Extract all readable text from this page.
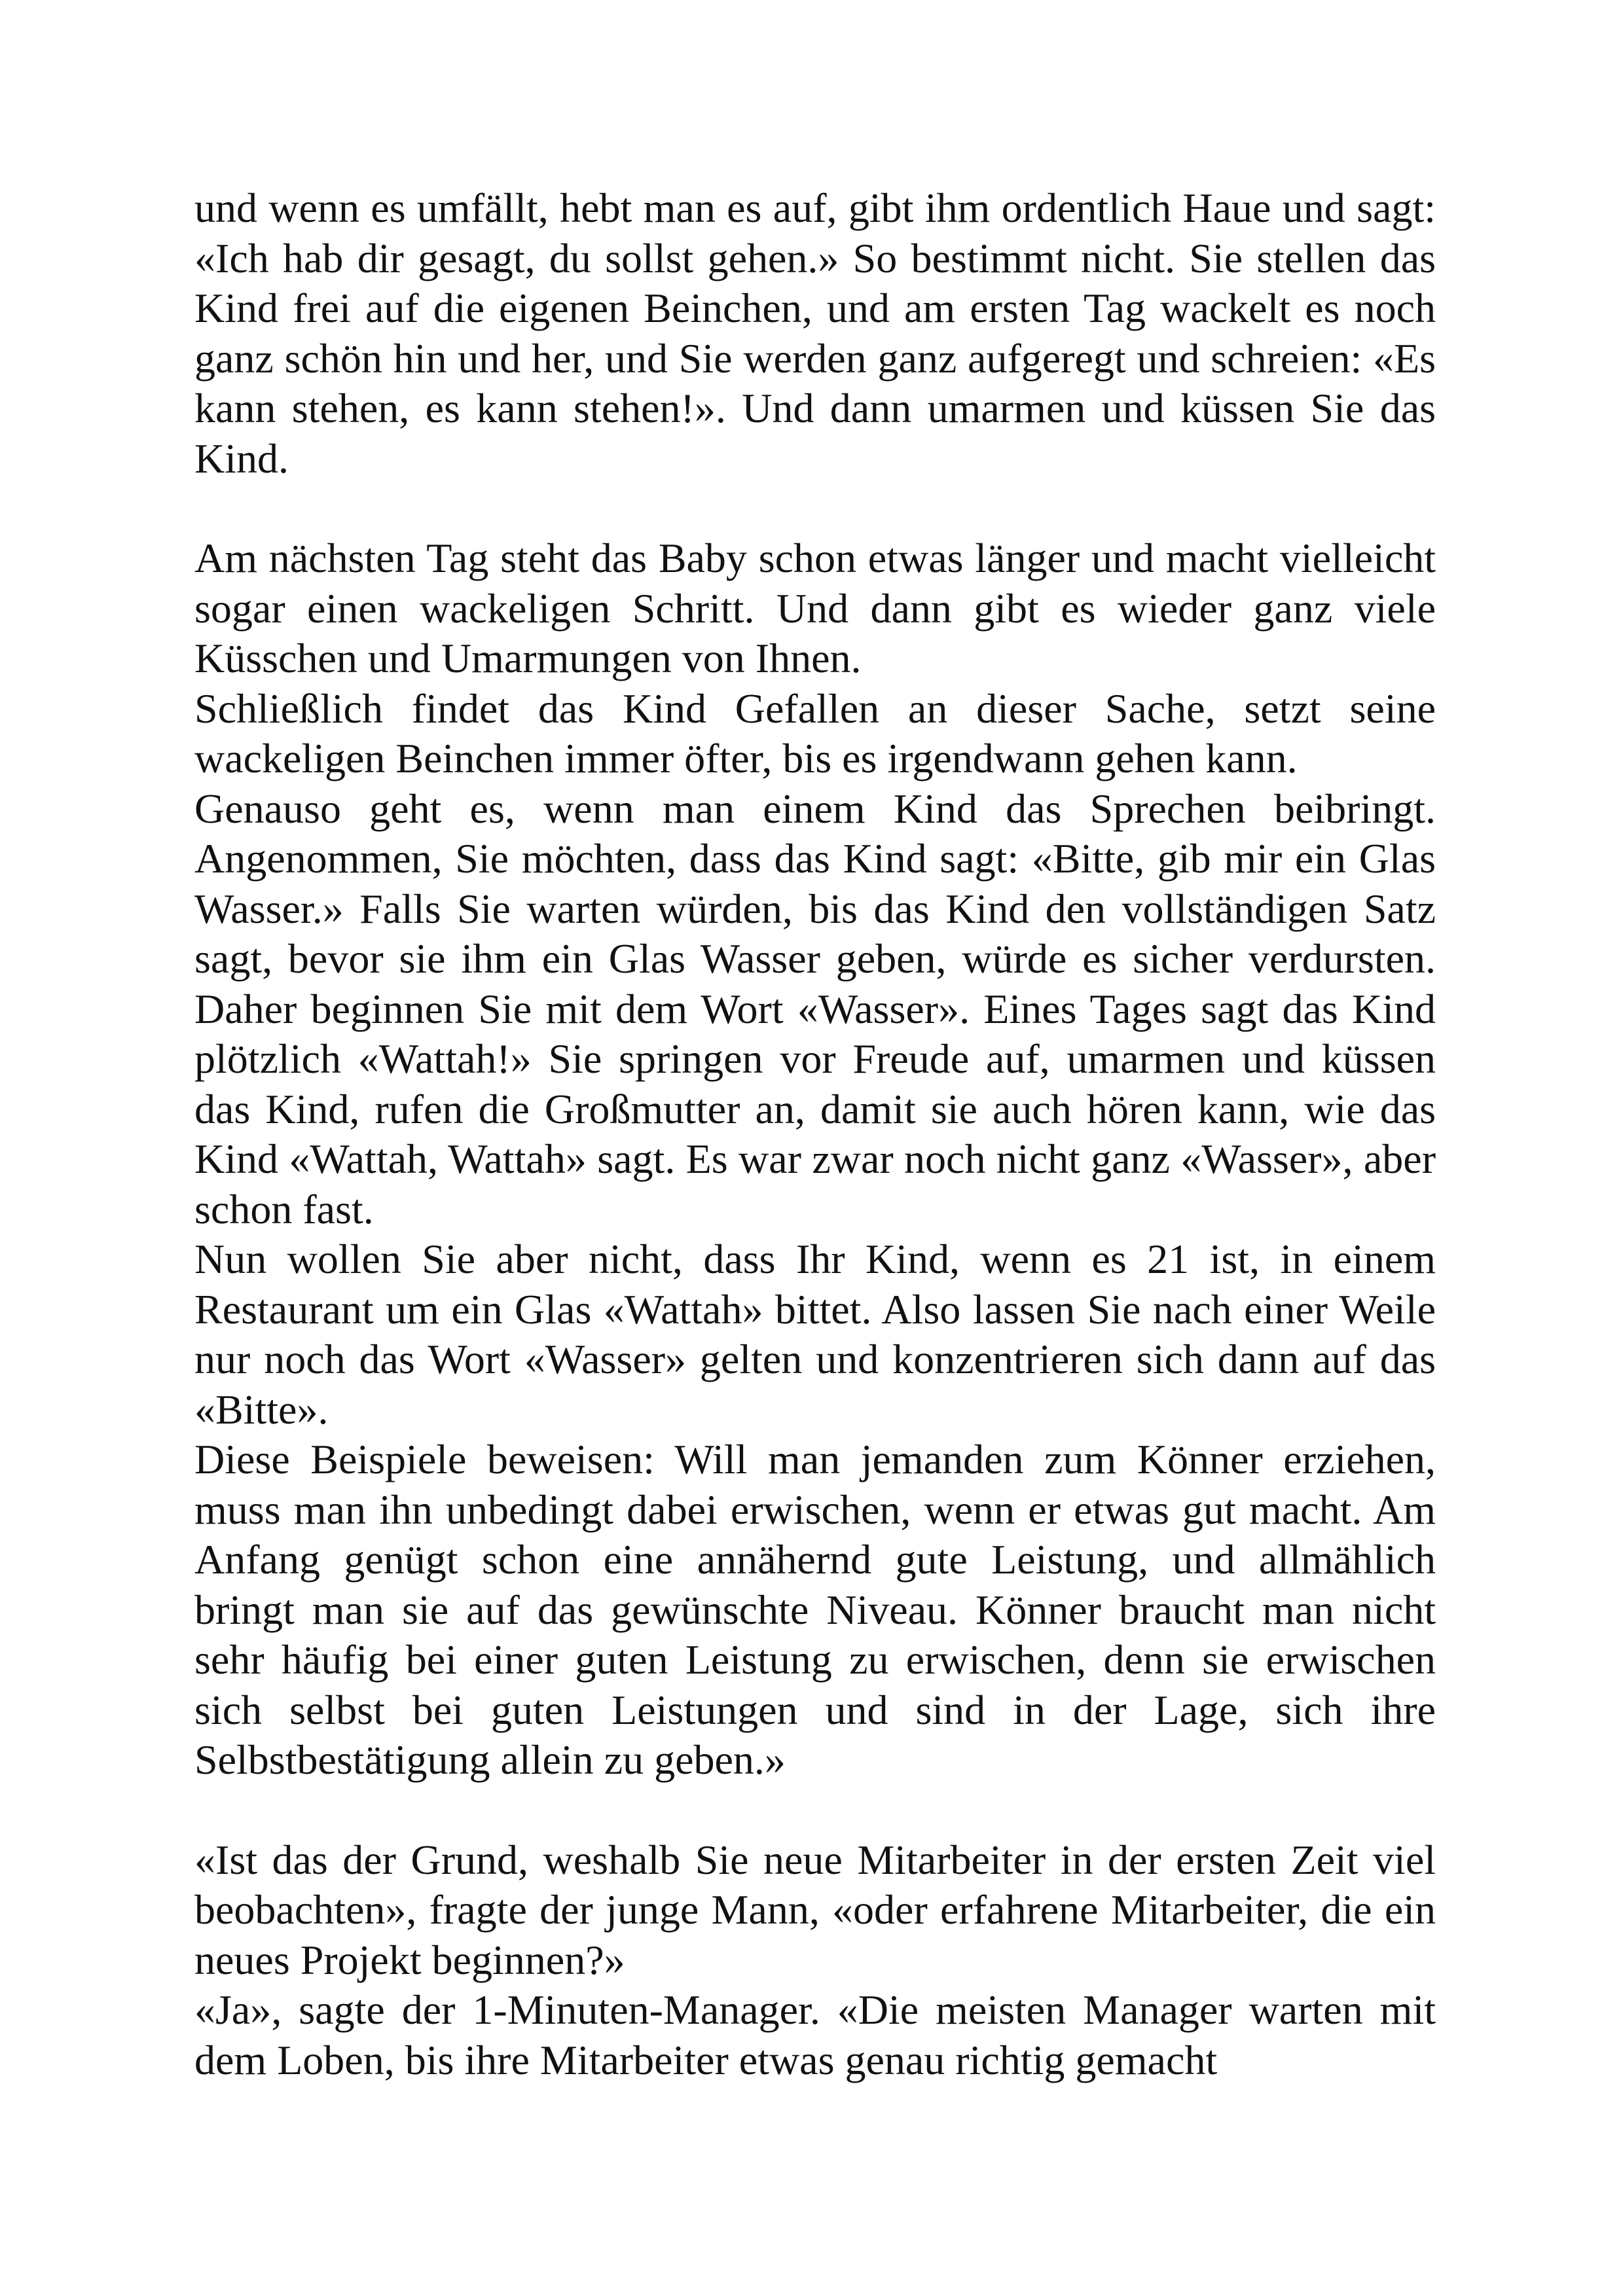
und wenn es umfällt, hebt man es auf, gibt ihm ordentlich Haue und sagt: «Ich hab dir gesagt, du sollst gehen.» So bestimmt nicht. Sie stellen das Kind frei auf die eigenen Beinchen, und am ersten Tag wackelt es noch ganz schön hin und her, und Sie werden ganz aufgeregt und schreien: «Es kann stehen, es kann stehen!». Und dann umarmen und küssen Sie das Kind.

Am nächsten Tag steht das Baby schon etwas länger und macht vielleicht sogar einen wackeligen Schritt. Und dann gibt es wieder ganz viele Küsschen und Umarmungen von Ihnen.

Schließlich findet das Kind Gefallen an dieser Sache, setzt seine wackeligen Beinchen immer öfter, bis es irgendwann gehen kann.

Genauso geht es, wenn man einem Kind das Sprechen beibringt. Angenommen, Sie möchten, dass das Kind sagt: «Bitte, gib mir ein Glas Wasser.» Falls Sie warten würden, bis das Kind den vollständigen Satz sagt, bevor sie ihm ein Glas Wasser geben, würde es sicher verdursten. Daher beginnen Sie mit dem Wort «Wasser». Eines Tages sagt das Kind plötzlich «Wattah!» Sie springen vor Freude auf, umarmen und küssen das Kind, rufen die Großmutter an, damit sie auch hören kann, wie das Kind «Wattah, Wattah» sagt. Es war zwar noch nicht ganz «Wasser», aber schon fast.

Nun wollen Sie aber nicht, dass Ihr Kind, wenn es 21 ist, in einem Restaurant um ein Glas «Wattah» bittet. Also lassen Sie nach einer Weile nur noch das Wort «Wasser» gelten und konzentrieren sich dann auf das «Bitte».

Diese Beispiele beweisen: Will man jemanden zum Könner erziehen, muss man ihn unbedingt dabei erwischen, wenn er etwas gut macht. Am Anfang genügt schon eine annähernd gute Leistung, und allmählich bringt man sie auf das gewünschte Niveau. Könner braucht man nicht sehr häufig bei einer guten Leistung zu erwischen, denn sie erwischen sich selbst bei guten Leistungen und sind in der Lage, sich ihre Selbstbestätigung allein zu geben.»

«Ist das der Grund, weshalb Sie neue Mitarbeiter in der ersten Zeit viel beobachten», fragte der junge Mann, «oder erfahrene Mitarbeiter, die ein neues Projekt beginnen?»

«Ja», sagte der 1-Minuten-Manager. «Die meisten Manager warten mit dem Loben, bis ihre Mitarbeiter etwas genau richtig gemacht
